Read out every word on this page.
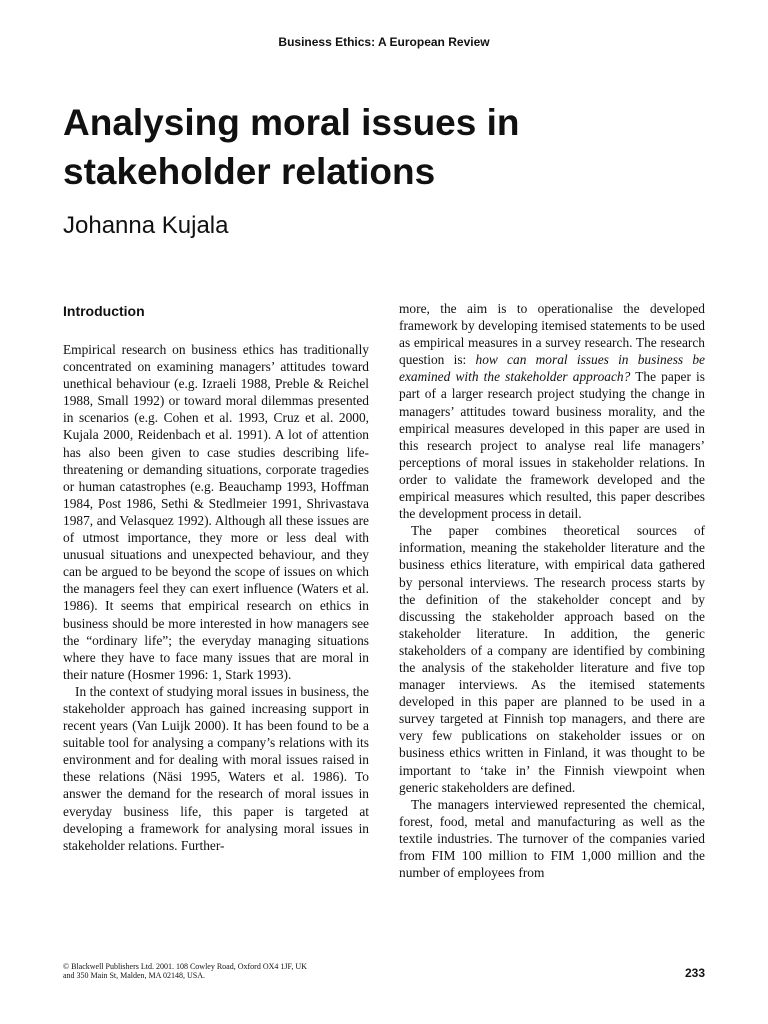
Business Ethics: A European Review
Analysing moral issues in stakeholder relations
Johanna Kujala
Introduction

Empirical research on business ethics has traditionally concentrated on examining managers’ attitudes toward unethical behaviour (e.g. Izraeli 1988, Preble & Reichel 1988, Small 1992) or toward moral dilemmas presented in scenarios (e.g. Cohen et al. 1993, Cruz et al. 2000, Kujala 2000, Reidenbach et al. 1991). A lot of attention has also been given to case studies describing life-threatening or demanding situations, corporate tragedies or human catastrophes (e.g. Beauchamp 1993, Hoffman 1984, Post 1986, Sethi & Stedlmeier 1991, Shrivastava 1987, and Velasquez 1992). Although all these issues are of utmost importance, they more or less deal with unusual situations and unexpected behaviour, and they can be argued to be beyond the scope of issues on which the managers feel they can exert influence (Waters et al. 1986). It seems that empirical research on ethics in business should be more interested in how managers see the “ordinary life”; the everyday managing situations where they have to face many issues that are moral in their nature (Hosmer 1996: 1, Stark 1993).

In the context of studying moral issues in business, the stakeholder approach has gained increasing support in recent years (Van Luijk 2000). It has been found to be a suitable tool for analysing a company’s relations with its environment and for dealing with moral issues raised in these relations (Näsi 1995, Waters et al. 1986). To answer the demand for the research of moral issues in everyday business life, this paper is targeted at developing a framework for analysing moral issues in stakeholder relations. Further-

more, the aim is to operationalise the developed framework by developing itemised statements to be used as empirical measures in a survey research. The research question is: how can moral issues in business be examined with the stakeholder approach? The paper is part of a larger research project studying the change in managers’ attitudes toward business morality, and the empirical measures developed in this paper are used in this research project to analyse real life managers’ perceptions of moral issues in stakeholder relations. In order to validate the framework developed and the empirical measures which resulted, this paper describes the development process in detail.

The paper combines theoretical sources of information, meaning the stakeholder literature and the business ethics literature, with empirical data gathered by personal interviews. The research process starts by the definition of the stakeholder concept and by discussing the stakeholder approach based on the stakeholder literature. In addition, the generic stakeholders of a company are identified by combining the analysis of the stakeholder literature and five top manager interviews. As the itemised statements developed in this paper are planned to be used in a survey targeted at Finnish top managers, and there are very few publications on stakeholder issues or on business ethics written in Finland, it was thought to be important to ‘take in’ the Finnish viewpoint when generic stakeholders are defined.

The managers interviewed represented the chemical, forest, food, metal and manufacturing as well as the textile industries. The turnover of the companies varied from FIM 100 million to FIM 1,000 million and the number of employees from

© Blackwell Publishers Ltd. 2001. 108 Cowley Road, Oxford OX4 1JF, UK
and 350 Main St, Malden, MA 02148, USA.	233
